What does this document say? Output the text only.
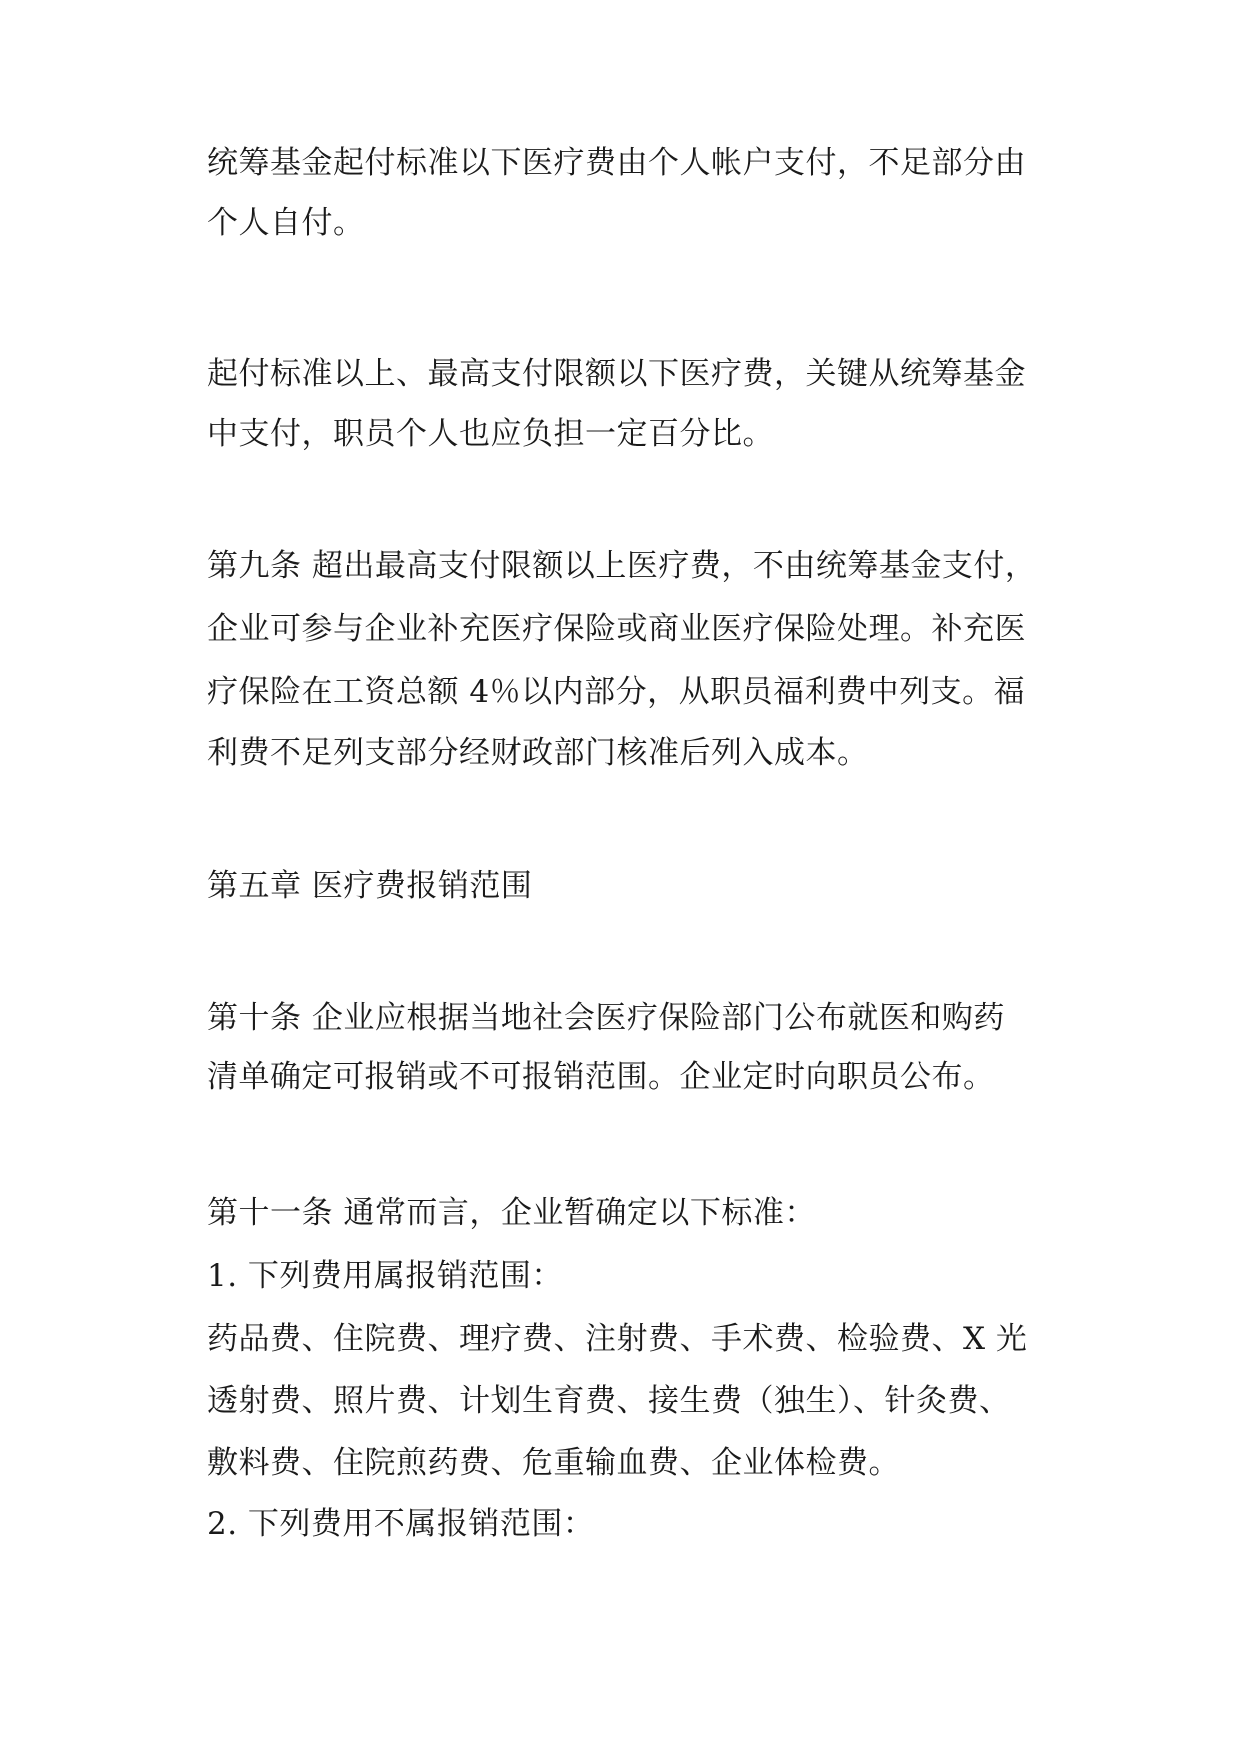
统筹基金起付标准以下医疗费由个人帐户支付，不足部分由
个人自付。
起付标准以上、最高支付限额以下医疗费，关键从统筹基金
中支付，职员个人也应负担一定百分比。
第九条 超出最高支付限额以上医疗费，不由统筹基金支付，
企业可参与企业补充医疗保险或商业医疗保险处理。补充医
疗保险在工资总额 4％以内部分，从职员福利费中列支。福
利费不足列支部分经财政部门核准后列入成本。
第五章 医疗费报销范围
第十条 企业应根据当地社会医疗保险部门公布就医和购药
清单确定可报销或不可报销范围。企业定时向职员公布。
第十一条 通常而言，企业暂确定以下标准：
1. 下列费用属报销范围：
药品费、住院费、理疗费、注射费、手术费、检验费、X 光
透射费、照片费、计划生育费、接生费（独生）、针灸费、
敷料费、住院煎药费、危重输血费、企业体检费。
2. 下列费用不属报销范围：
